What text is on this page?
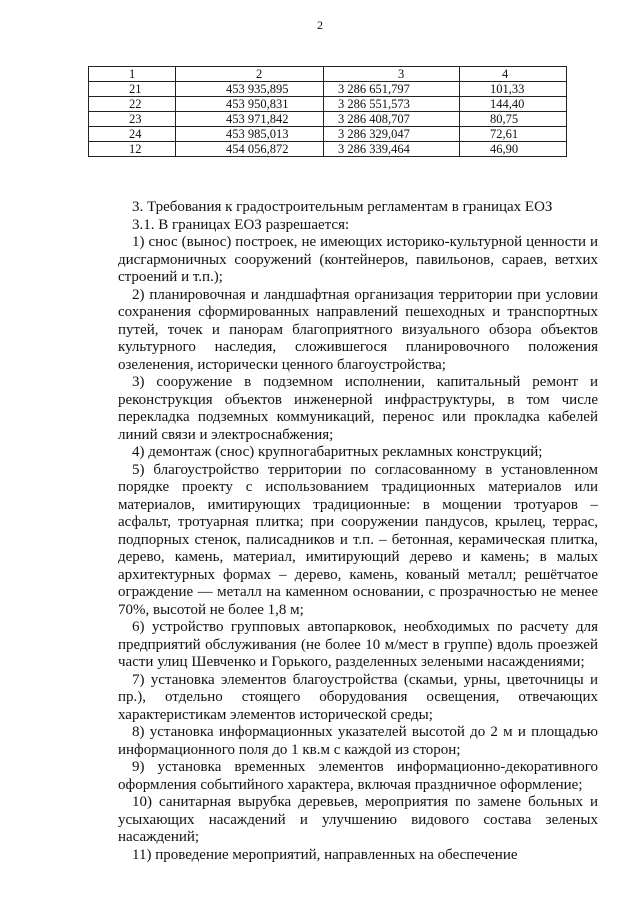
2
1	2	3	4
21	453 935,895	3 286 651,797	101,33
22	453 950,831	3 286 551,573	144,40
23	453 971,842	3 286 408,707	80,75
24	453 985,013	3 286 329,047	72,61
12	454 056,872	3 286 339,464	46,90

3. Требования к градостроительным регламентам в границах ЕОЗ

3.1. В границах ЕОЗ разрешается:

1) снос (вынос) построек, не имеющих историко-культурной ценности и дисгармоничных сооружений (контейнеров, павильонов, сараев, ветхих строений и т.п.);

2) планировочная и ландшафтная организация территории при условии сохранения сформированных направлений пешеходных и транспортных путей, точек и панорам благоприятного визуального обзора объектов культурного наследия, сложившегося планировочного положения озеленения, исторически ценного благоустройства;

3) сооружение в подземном исполнении, капитальный ремонт и реконструкция объектов инженерной инфраструктуры, в том числе перекладка подземных коммуникаций, перенос или прокладка кабелей линий связи и электроснабжения;

4) демонтаж (снос) крупногабаритных рекламных конструкций;

5) благоустройство территории по согласованному в установленном порядке проекту с использованием традиционных материалов или материалов, имитирующих традиционные: в мощении тротуаров – асфальт, тротуарная плитка; при сооружении пандусов, крылец, террас, подпорных стенок, палисадников и т.п. – бетонная, керамическая плитка, дерево, камень, материал, имитирующий дерево и камень; в малых архитектурных формах – дерево, камень, кованый металл; решётчатое ограждение — металл на каменном основании, с прозрачностью не менее 70%, высотой не более 1,8 м;

6) устройство групповых автопарковок, необходимых по расчету для предприятий обслуживания (не более 10 м/мест в группе) вдоль проезжей части улиц Шевченко и Горького, разделенных зелеными насаждениями;

7) установка элементов благоустройства (скамьи, урны, цветочницы и пр.), отдельно стоящего оборудования освещения, отвечающих характеристикам элементов исторической среды;

8) установка информационных указателей высотой до 2 м и площадью информационного поля до 1 кв.м с каждой из сторон;

9) установка временных элементов информационно-декоративного оформления событийного характера, включая праздничное оформление;

10) санитарная вырубка деревьев, мероприятия по замене больных и усыхающих насаждений и улучшению видового состава зеленых насаждений;

11) проведение мероприятий, направленных на обеспечение
